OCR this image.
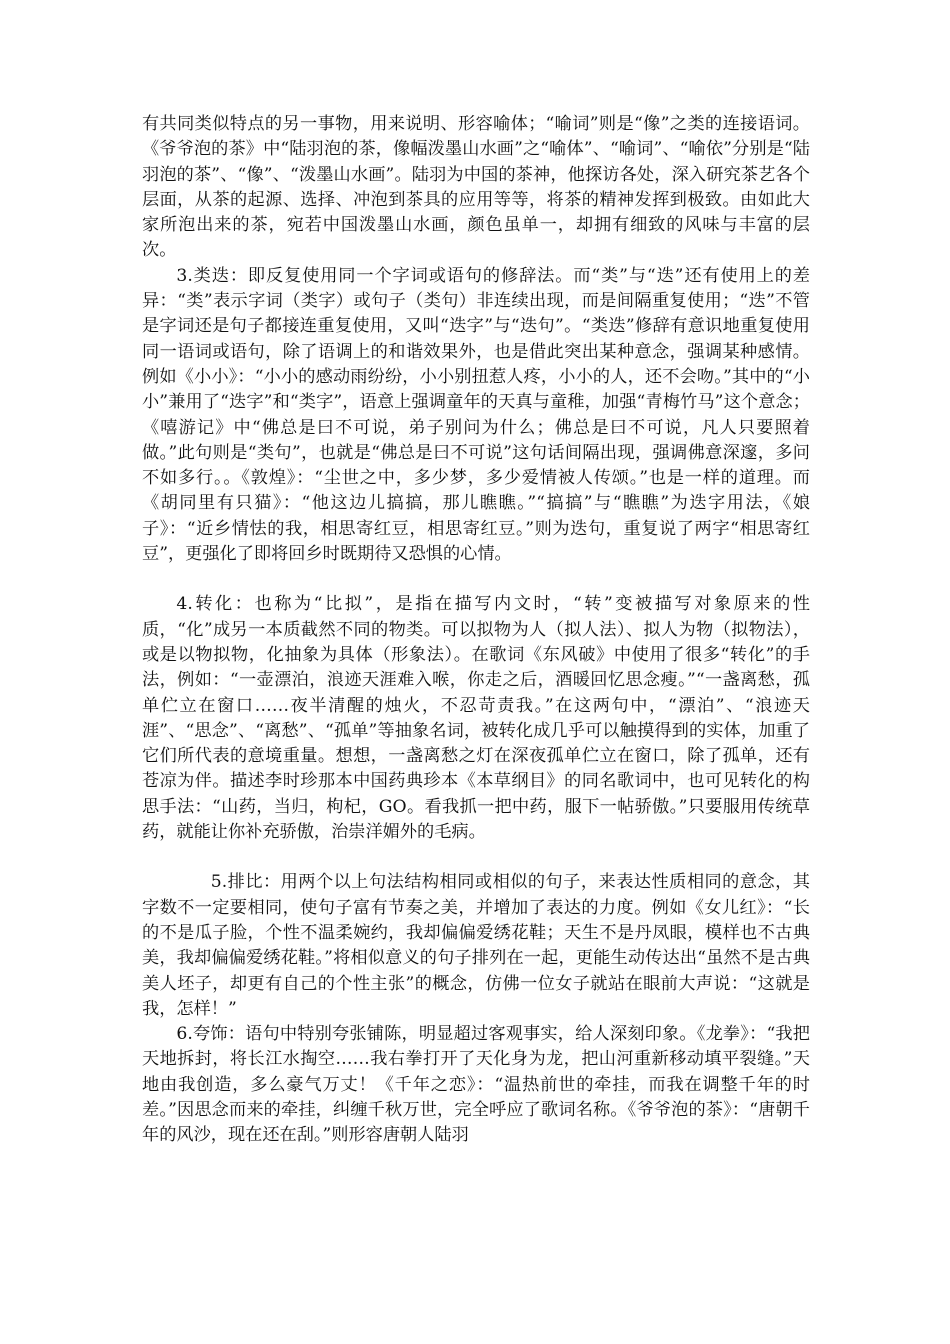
有共同类似特点的另一事物，用来说明、形容喻体；“喻词”则是“像”之类的连接语词。《爷爷泡的茶》中“陆羽泡的茶，像幅泼墨山水画”之“喻体”、“喻词”、“喻依”分别是“陆羽泡的茶”、“像”、“泼墨山水画”。陆羽为中国的茶神，他探访各处，深入研究茶艺各个层面，从茶的起源、选择、冲泡到茶具的应用等等，将茶的精神发挥到极致。由如此大家所泡出来的茶，宛若中国泼墨山水画，颜色虽单一，却拥有细致的风味与丰富的层次。

3.类迭：即反复使用同一个字词或语句的修辞法。而“类”与“迭”还有使用上的差异：“类”表示字词（类字）或句子（类句）非连续出现，而是间隔重复使用；“迭”不管是字词还是句子都接连重复使用，又叫“迭字”与“迭句”。“类迭”修辞有意识地重复使用同一语词或语句，除了语调上的和谐效果外，也是借此突出某种意念，强调某种感情。例如《小小》：“小小的感动雨纷纷，小小别扭惹人疼，小小的人，还不会吻。”其中的“小小”兼用了“迭字”和“类字”，语意上强调童年的天真与童稚，加强“青梅竹马”这个意念；《嘻游记》中“佛总是曰不可说，弟子别问为什么；佛总是曰不可说，凡人只要照着做。”此句则是“类句”，也就是“佛总是曰不可说”这句话间隔出现，强调佛意深邃，多问不如多行。。《敦煌》：“尘世之中，多少梦，多少爱情被人传颂。”也是一样的道理。而《胡同里有只猫》：“他这边儿搞搞，那儿瞧瞧。”“搞搞”与“瞧瞧”为迭字用法，《娘子》：“近乡情怯的我，相思寄红豆，相思寄红豆。”则为迭句，重复说了两字“相思寄红豆”，更强化了即将回乡时既期待又恐惧的心情。

4.转化：也称为“比拟”，是指在描写内文时，“转”变被描写对象原来的性质，“化”成另一本质截然不同的物类。可以拟物为人（拟人法）、拟人为物（拟物法），或是以物拟物，化抽象为具体（形象法）。在歌词《东风破》中使用了很多“转化”的手法，例如：“一壶漂泊，浪迹天涯难入喉，你走之后，酒暖回忆思念瘦。”“一盏离愁，孤单伫立在窗口……夜半清醒的烛火，不忍苛责我。”在这两句中，“漂泊”、“浪迹天涯”、“思念”、“离愁”、“孤单”等抽象名词，被转化成几乎可以触摸得到的实体，加重了它们所代表的意境重量。想想，一盏离愁之灯在深夜孤单伫立在窗口，除了孤单，还有苍凉为伴。描述李时珍那本中国药典珍本《本草纲目》的同名歌词中，也可见转化的构思手法：“山药，当归，枸杞，GO。看我抓一把中药，服下一帖骄傲。”只要服用传统草药，就能让你补充骄傲，治崇洋媚外的毛病。

5.排比：用两个以上句法结构相同或相似的句子，来表达性质相同的意念，其字数不一定要相同，使句子富有节奏之美，并增加了表达的力度。例如《女儿红》：“长的不是瓜子脸，个性不温柔婉约，我却偏偏爱绣花鞋；天生不是丹凤眼，模样也不古典美，我却偏偏爱绣花鞋。”将相似意义的句子排列在一起，更能生动传达出“虽然不是古典美人坯子，却更有自己的个性主张”的概念，仿佛一位女子就站在眼前大声说：“这就是我，怎样！”

6.夸饰：语句中特别夸张铺陈，明显超过客观事实，给人深刻印象。《龙拳》：“我把天地拆封，将长江水掏空……我右拳打开了天化身为龙，把山河重新移动填平裂缝。”天地由我创造，多么豪气万丈！《千年之恋》：“温热前世的牵挂，而我在调整千年的时差。”因思念而来的牵挂，纠缠千秋万世，完全呼应了歌词名称。《爷爷泡的茶》：“唐朝千年的风沙，现在还在刮。”则形容唐朝人陆羽
